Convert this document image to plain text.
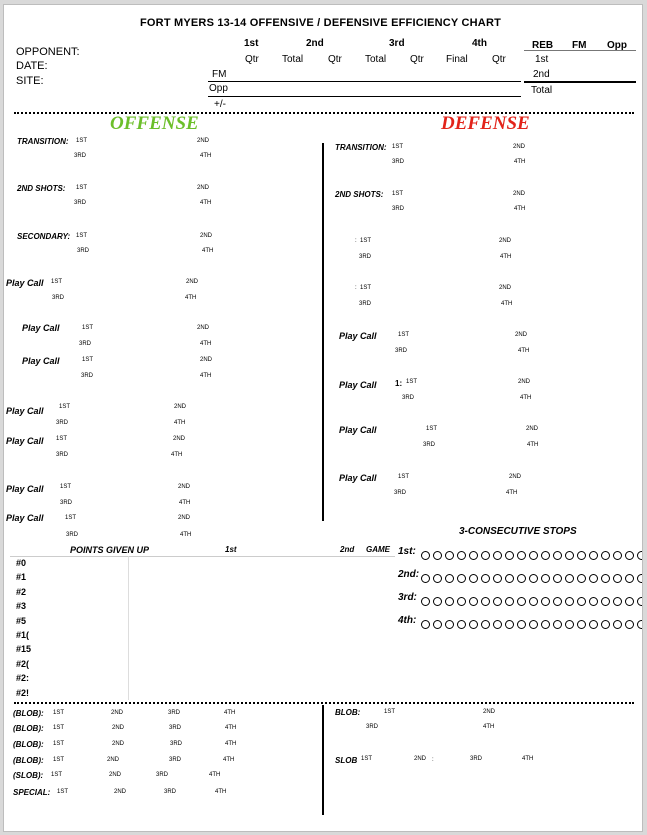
FORT MYERS 13-14 OFFENSIVE / DEFENSIVE EFFICIENCY CHART
OPPONENT:
DATE:
SITE:
1st	2nd	3rd	4th
Qtr Total Qtr Total Qtr Final Qtr
FM
Opp
+/-
REB FM Opp
1st
2nd
Total
OFFENSE	DEFENSE
TRANSITION: 1ST	2ND
3RD	4TH
2ND SHOTS: 1ST	2ND
3RD	4TH
SECONDARY: 1ST	2ND
3RD	4TH
Play Call 1ST	2ND
3RD	4TH
Play Call	1ST	2ND
3RD	4TH
Play Call	1ST	2ND
3RD	4TH
Play Call	1ST	2ND
3RD	4TH
Play Call 1ST	2ND
3RD	4TH
Play Call	1ST	2ND
3RD	4TH
Play Call	1ST	2ND
3RD	4TH
TRANSITION: 1ST	2ND
3RD	4TH
2ND SHOTS: 1ST	2ND
3RD	4TH
: 1ST	2ND
3RD	4TH
: 1ST	2ND
3RD	4TH
Play Call	1ST	2ND
3RD	4TH
Play Call 1: 1ST	2ND
3RD	4TH
Play Call	1ST	2ND
3RD	4TH
Play Call	1ST	2ND
3RD	4TH
POINTS GIVEN UP	1st	2nd GAME
#0
#1
#2
#3
#5
#1(
#15
#2(
#2:
#2!
3-CONSECUTIVE STOPS
1st:
2nd:
3rd:
4th:
(BLOB): 1ST	2ND	3RD	4TH
(BLOB): 1ST	2ND	3RD	4TH
(BLOB): 1ST	2ND	3RD	4TH
(BLOB): 1ST	2ND	3RD	4TH
(SLOB): 1ST	2ND	3RD	4TH
SPECIAL: 1ST	2ND	3RD	4TH
BLOB:	1ST	2ND
3RD	4TH
SLOB 1ST	2ND :	3RD	4TH
